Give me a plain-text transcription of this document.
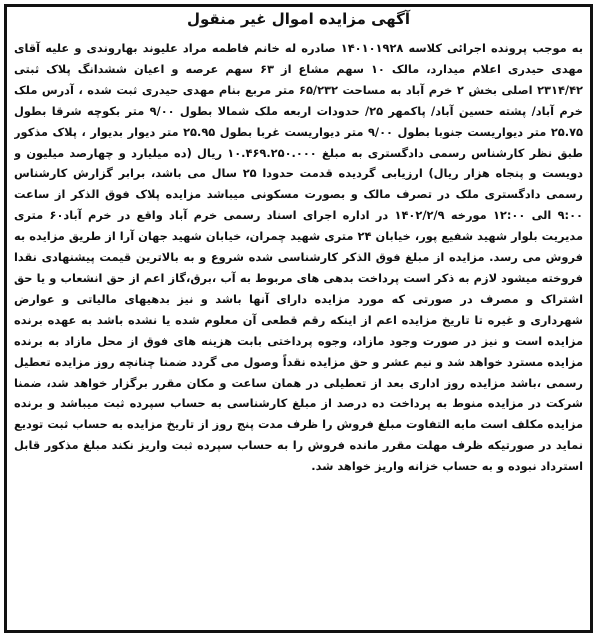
آگهی مزایده اموال غیر منقول

به موجب پرونده اجرائی کلاسه ۱۴۰۱۰۱۹۲۸ صادره له خانم فاطمه مراد علیوند بهاروندی و علیه آقای مهدی حیدری اعلام میدارد، مالک ۱۰ سهم مشاع از ۶۳ سهم عرصه و اعیان ششدانگ پلاک ثبتی ۲۳۱۴/۴۲ اصلی بخش ۲ خرم آباد به مساحت ۶۵/۲۳۲ متر مربع بنام مهدی حیدری ثبت شده ، آدرس ملک خرم آباد/ پشته حسین آباد/ پاکمهر ۲۵/ حدودات اربعه ملک شمالا بطول ۹/۰۰ متر بکوچه شرقا بطول ۲۵.۷۵ متر دیواریست جنوبا بطول ۹/۰۰ متر دیواریست غربا بطول ۲۵.۹۵ متر دیوار بدیوار ، پلاک مذکور طبق نظر کارشناس رسمی دادگستری به مبلغ ۱۰.۴۶۹.۲۵۰.۰۰۰ ریال (ده میلیارد و چهارصد میلیون و دویست و پنجاه هزار ریال) ارزیابی گردیده قدمت حدودا ۲۵ سال می باشد، برابر گزارش کارشناس رسمی دادگستری ملک در تصرف مالک و بصورت مسکونی میباشد مزایده پلاک فوق الذکر از ساعت ۹:۰۰ الی ۱۲:۰۰ مورخه ۱۴۰۲/۲/۹ در اداره اجرای اسناد رسمی خرم آباد واقع در خرم آباد۶۰ متری مدیریت بلوار شهید شفیع پور، خیابان ۲۴ متری شهید چمران، خیابان شهید جهان آرا از طریق مزایده به فروش می رسد. مزایده از مبلغ فوق الذکر کارشناسی شده شروع و به بالاترین قیمت پیشنهادی نقدا فروخته میشود لازم به ذکر است پرداخت بدهی های مربوط به آب ،برق،گاز اعم از حق انشعاب و یا حق اشتراک و مصرف در صورتی که مورد مزایده دارای آنها باشد و نیز بدهیهای مالیاتی و عوارض شهرداری و غیره تا تاریخ مزایده اعم از اینکه رقم قطعی آن معلوم شده یا نشده باشد به عهده برنده مزایده است و نیز در صورت وجود مازاد، وجوه پرداختی بابت هزینه های فوق از محل مازاد به برنده مزایده مسترد خواهد شد و نیم عشر و حق مزایده نقداً وصول می گردد ضمنا چنانچه روز مزایده تعطیل رسمی ،باشد مزایده روز اداری بعد از تعطیلی در همان ساعت و مکان مقرر برگزار خواهد شد، ضمنا شرکت در مزایده منوط به پرداخت ده درصد از مبلغ کارشناسی به حساب سپرده ثبت میباشد و برنده مزایده مکلف است مابه التفاوت مبلغ فروش را ظرف مدت پنج روز از تاریخ مزایده به حساب ثبت تودیع نماید در صورتیکه ظرف مهلت مقرر مانده فروش را به حساب سپرده ثبت واریز نکند مبلغ مذکور قابل استرداد نبوده و به حساب خزانه واریز خواهد شد.
